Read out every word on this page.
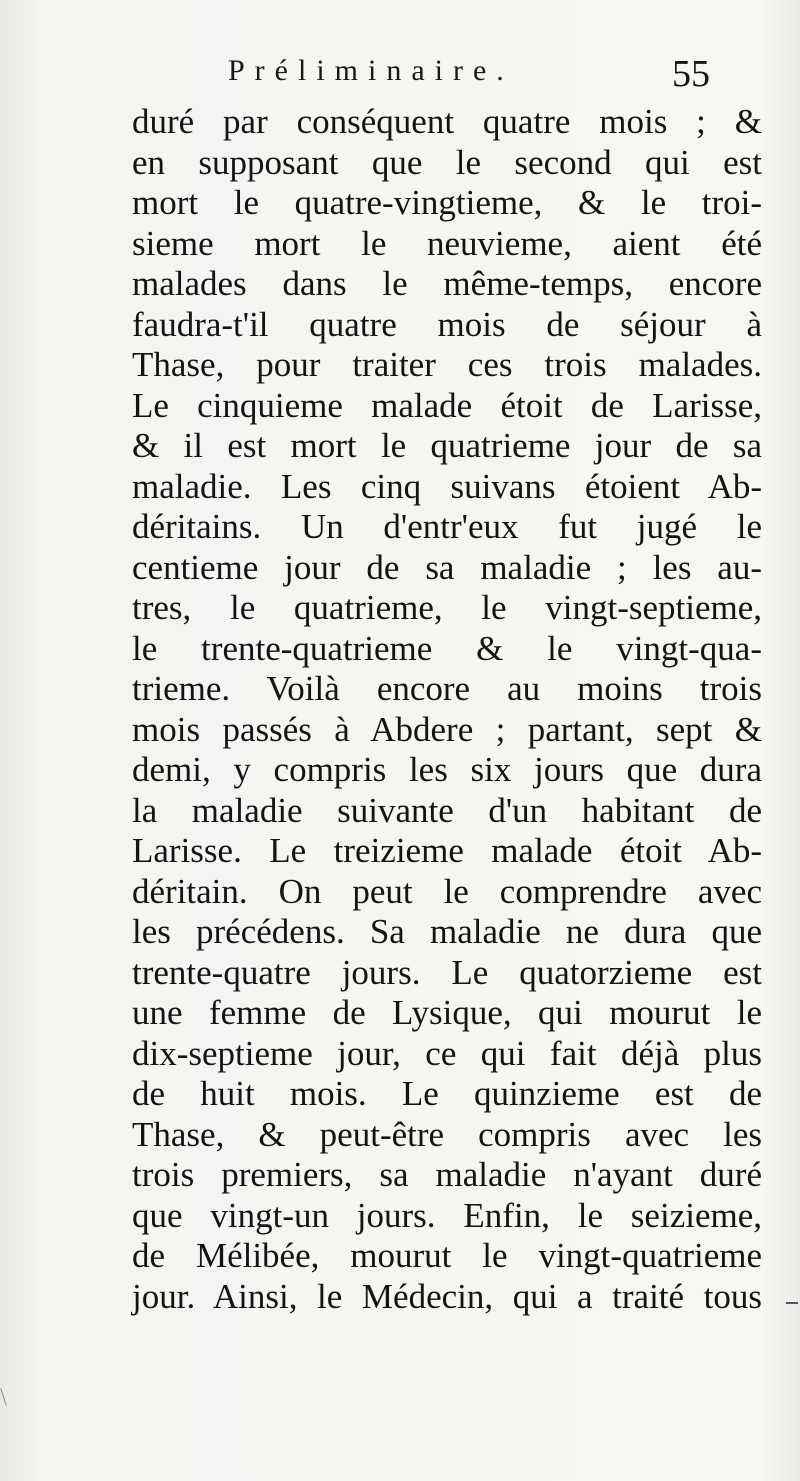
Préliminaire.	55
duré par conséquent quatre mois ; &
en supposant que le second qui est
mort le quatre-vingtieme, & le troi-
sieme mort le neuvieme, aient été
malades dans le même-temps, encore
faudra-t'il quatre mois de séjour à
Thase, pour traiter ces trois malades.
Le cinquieme malade étoit de Larisse,
& il est mort le quatrieme jour de sa
maladie. Les cinq suivans étoient Ab-
déritains. Un d'entr'eux fut jugé le
centieme jour de sa maladie ; les au-
tres, le quatrieme, le vingt-septieme,
le trente-quatrieme & le vingt-qua-
trieme. Voilà encore au moins trois
mois passés à Abdere ; partant, sept &
demi, y compris les six jours que dura
la maladie suivante d'un habitant de
Larisse. Le treizieme malade étoit Ab-
déritain. On peut le comprendre avec
les précédens. Sa maladie ne dura que
trente-quatre jours. Le quatorzieme est
une femme de Lysique, qui mourut le
dix-septieme jour, ce qui fait déjà plus
de huit mois. Le quinzieme est de
Thase, & peut-être compris avec les
trois premiers, sa maladie n'ayant duré
que vingt-un jours. Enfin, le seizieme,
de Mélibée, mourut le vingt-quatrieme
jour. Ainsi, le Médecin, qui a traité tous
